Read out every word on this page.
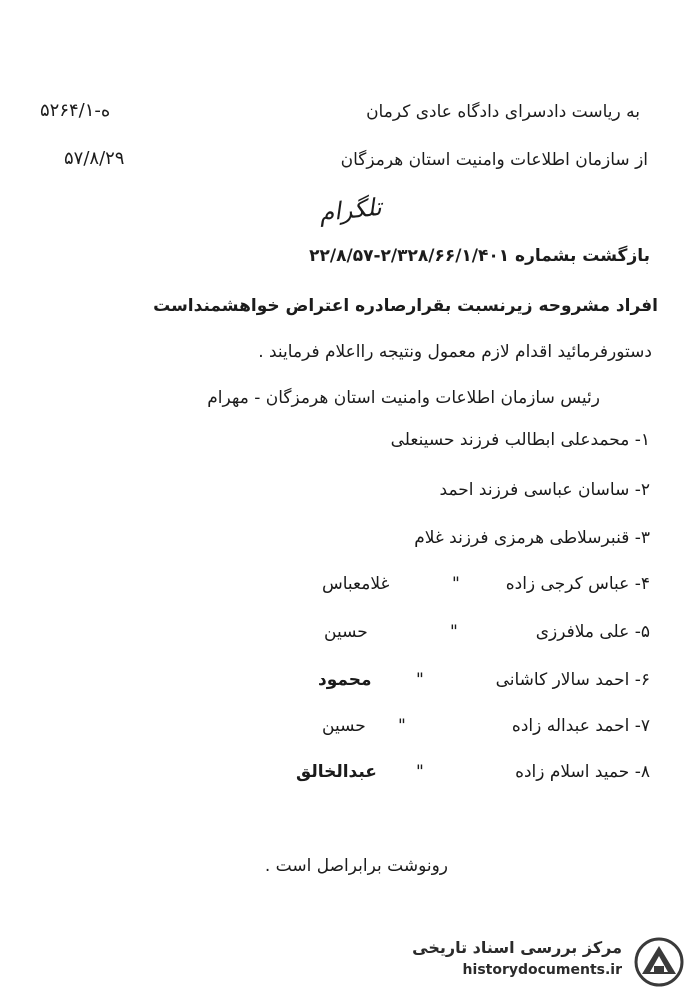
به ریاست دادسرای دادگاه عادی کرمان
۵۲۶۴/ه-۱
از سازمان اطلاعات وامنیت استان هرمزگان
۵۷/۸/۲۹
تلگرام
بازگشت بشماره ۲/۳۲۸/۶۶/۱/۴۰۱-۲۲/۸/۵۷
افراد مشروحه زیرنسبت بقرارصادره اعتراض خواهشمنداست
دستورفرمائید اقدام لازم معمول ونتیجه رااعلام فرمایند .
رئیس سازمان اطلاعات وامنیت استان هرمزگان - مهرام
۱- محمدعلی ابطالب فرزند حسینعلی
۲- ساسان عباسی فرزند احمد
۳- قنبرسلاطی هرمزی فرزند غلام
۴- عباس کرجی زاده
"
غلامعباس
۵- علی ملافرزی
"
حسین
۶- احمد سالار کاشانی
"
محمود
۷- احمد عبداله زاده
"
حسین
۸- حمید اسلام زاده
"
عبدالخالق
رونوشت برابراصل است .
مرکز بررسی اسناد تاریخی
historydocuments.ir
